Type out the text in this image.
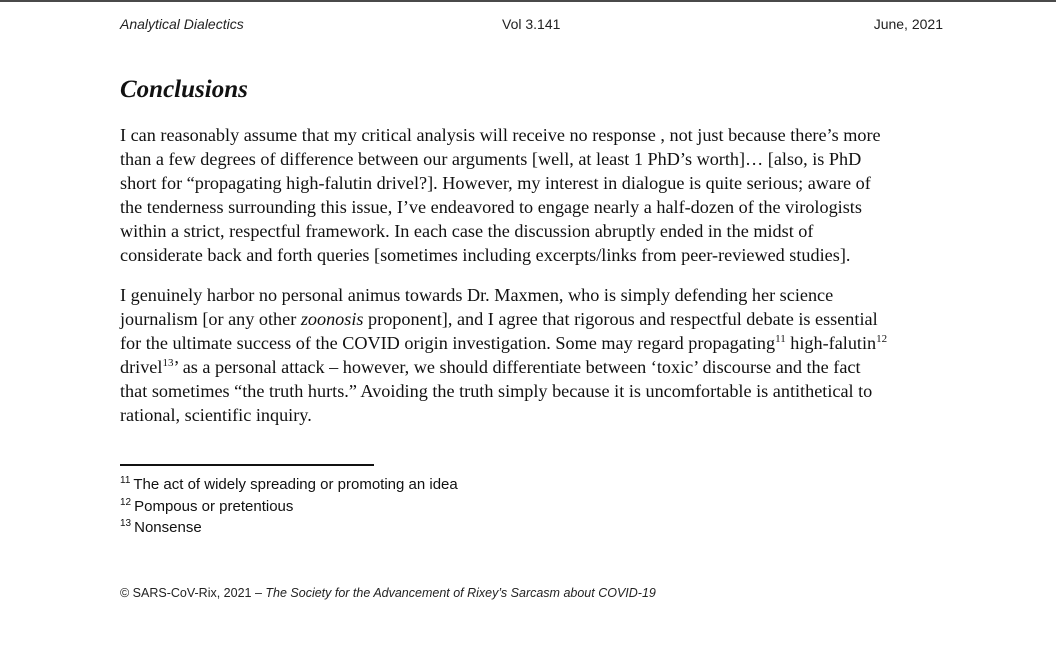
Analytical Dialectics	Vol 3.141	June, 2021
Conclusions

I can reasonably assume that my critical analysis will receive no response , not just because there’s more
than a few degrees of difference between our arguments [well, at least 1 PhD’s worth]… [also, is PhD
short for “propagating high-falutin drivel?]. However, my interest in dialogue is quite serious; aware of
the tenderness surrounding this issue, I’ve endeavored to engage nearly a half-dozen of the virologists
within a strict, respectful framework. In each case the discussion abruptly ended in the midst of
considerate back and forth queries [sometimes including excerpts/links from peer-reviewed studies].

I genuinely harbor no personal animus towards Dr. Maxmen, who is simply defending her science
journalism [or any other zoonosis proponent], and I agree that rigorous and respectful debate is essential
for the ultimate success of the COVID origin investigation. Some may regard propagating$^{11}$ high-falutin$^{12}$
drivel$^{13}$’ as a personal attack – however, we should differentiate between ‘toxic’ discourse and the fact
that sometimes “the truth hurts.” Avoiding the truth simply because it is uncomfortable is antithetical to
rational, scientific inquiry.

$^{11}$ The act of widely spreading or promoting an idea
$^{12}$ Pompous or pretentious
$^{13}$ Nonsense
© SARS-CoV-Rix, 2021 – The Society for the Advancement of Rixey’s Sarcasm about COVID-19
